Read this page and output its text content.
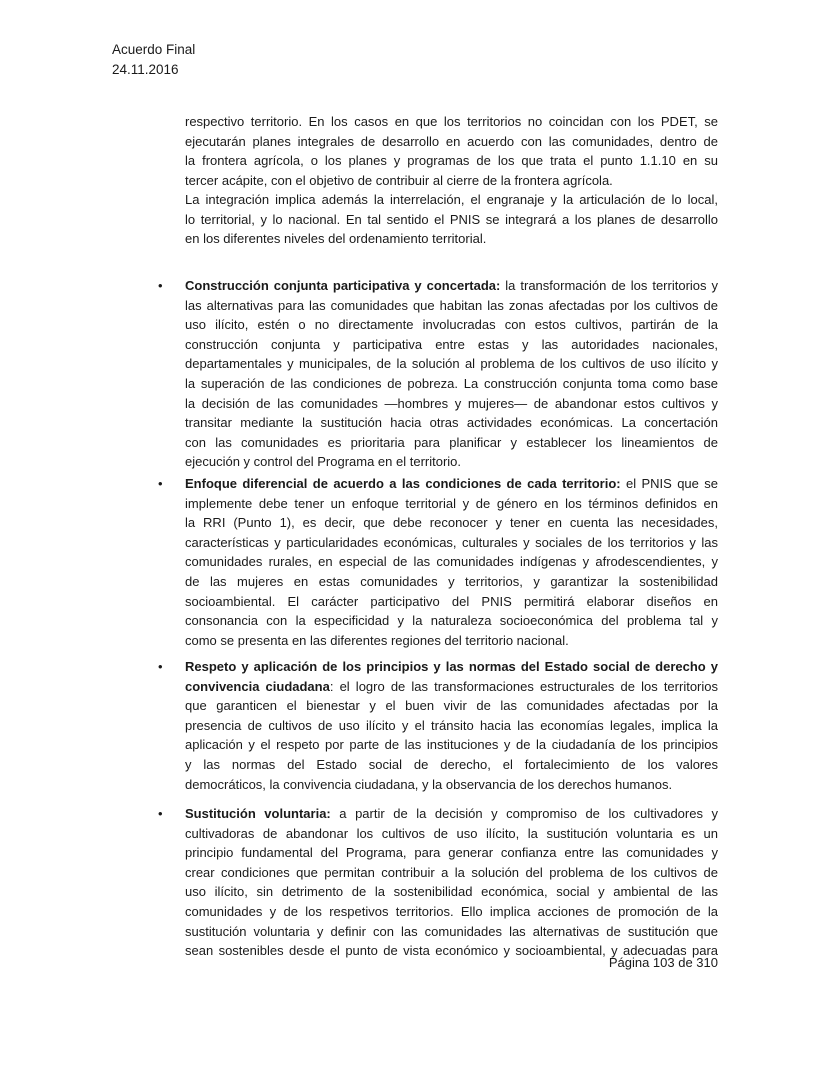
Acuerdo Final
24.11.2016
respectivo territorio. En los casos en que los territorios no coincidan con los PDET, se
ejecutarán planes integrales de desarrollo en acuerdo con las comunidades, dentro de
la frontera agrícola, o los planes y programas de los que trata el punto 1.1.10 en su
tercer acápite, con el objetivo de contribuir al cierre de la frontera agrícola.
La integración implica además la interrelación, el engranaje y la articulación de lo local,
lo territorial, y lo nacional. En tal sentido el PNIS se integrará a los planes de desarrollo
en los diferentes niveles del ordenamiento territorial.
• Construcción conjunta participativa y concertada: la transformación de los territorios y
las alternativas para las comunidades que habitan las zonas afectadas por los cultivos de
uso ilícito, estén o no directamente involucradas con estos cultivos, partirán de la
construcción conjunta y participativa entre estas y las autoridades nacionales,
departamentales y municipales, de la solución al problema de los cultivos de uso ilícito y
la superación de las condiciones de pobreza. La construcción conjunta toma como base
la decisión de las comunidades —hombres y mujeres— de abandonar estos cultivos y
transitar mediante la sustitución hacia otras actividades económicas. La concertación
con las comunidades es prioritaria para planificar y establecer los lineamientos de
ejecución y control del Programa en el territorio.
• Enfoque diferencial de acuerdo a las condiciones de cada territorio: el PNIS que se
implemente debe tener un enfoque territorial y de género en los términos definidos en
la RRI (Punto 1), es decir, que debe reconocer y tener en cuenta las necesidades,
características y particularidades económicas, culturales y sociales de los territorios y las
comunidades rurales, en especial de las comunidades indígenas y afrodescendientes, y
de las mujeres en estas comunidades y territorios, y garantizar la sostenibilidad
socioambiental. El carácter participativo del PNIS permitirá elaborar diseños en
consonancia con la especificidad y la naturaleza socioeconómica del problema tal y
como se presenta en las diferentes regiones del territorio nacional.
• Respeto y aplicación de los principios y las normas del Estado social de derecho y
convivencia ciudadana: el logro de las transformaciones estructurales de los territorios
que garanticen el bienestar y el buen vivir de las comunidades afectadas por la
presencia de cultivos de uso ilícito y el tránsito hacia las economías legales, implica la
aplicación y el respeto por parte de las instituciones y de la ciudadanía de los principios
y las normas del Estado social de derecho, el fortalecimiento de los valores
democráticos, la convivencia ciudadana, y la observancia de los derechos humanos.
• Sustitución voluntaria: a partir de la decisión y compromiso de los cultivadores y
cultivadoras de abandonar los cultivos de uso ilícito, la sustitución voluntaria es un
principio fundamental del Programa, para generar confianza entre las comunidades y
crear condiciones que permitan contribuir a la solución del problema de los cultivos de
uso ilícito, sin detrimento de la sostenibilidad económica, social y ambiental de las
comunidades y de los respetivos territorios. Ello implica acciones de promoción de la
sustitución voluntaria y definir con las comunidades las alternativas de sustitución que
sean sostenibles desde el punto de vista económico y socioambiental, y adecuadas para
Página 103 de 310
